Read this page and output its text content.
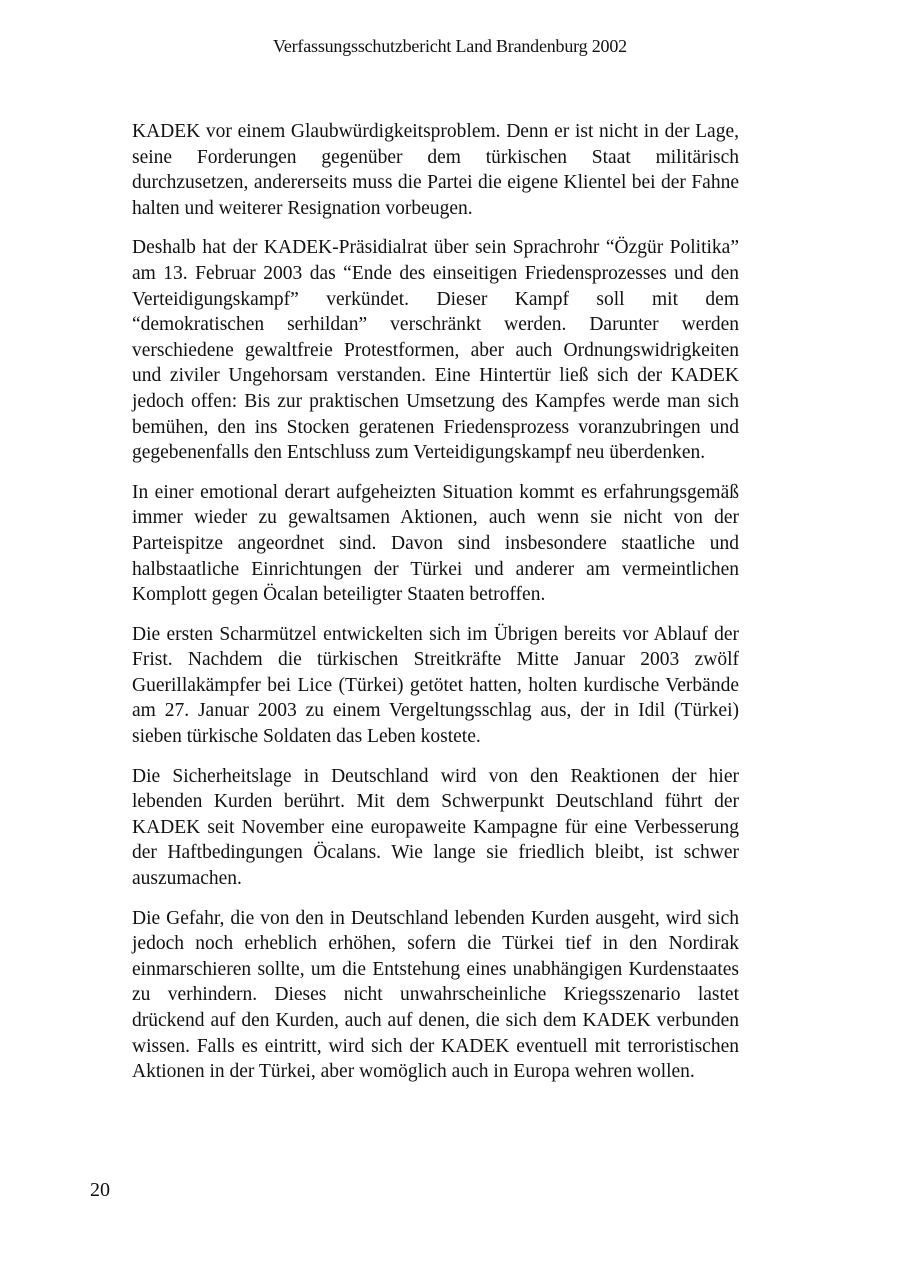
Verfassungsschutzbericht Land Brandenburg 2002

KADEK vor einem Glaubwürdigkeitsproblem. Denn er ist nicht in der Lage, seine Forderungen gegenüber dem türkischen Staat militärisch durchzusetzen, andererseits muss die Partei die eigene Klientel bei der Fahne halten und weiterer Resignation vorbeugen.

Deshalb hat der KADEK-Präsidialrat über sein Sprachrohr “Özgür Politika” am 13. Februar 2003 das “Ende des einseitigen Friedensprozesses und den Verteidigungskampf” verkündet. Dieser Kampf soll mit dem “demokratischen serhildan” verschränkt werden. Darunter werden verschiedene gewaltfreie Protestformen, aber auch Ordnungswidrigkeiten und ziviler Ungehorsam verstanden. Eine Hintertür ließ sich der KADEK jedoch offen: Bis zur praktischen Umsetzung des Kampfes werde man sich bemühen, den ins Stocken geratenen Friedensprozess voranzubringen und gegebenenfalls den Entschluss zum Verteidigungskampf neu überdenken.

In einer emotional derart aufgeheizten Situation kommt es erfahrungsgemäß immer wieder zu gewaltsamen Aktionen, auch wenn sie nicht von der Parteispitze angeordnet sind. Davon sind insbesondere staatliche und halbstaatliche Einrichtungen der Türkei und anderer am vermeintlichen Komplott gegen Öcalan beteiligter Staaten betroffen.

Die ersten Scharmützel entwickelten sich im Übrigen bereits vor Ablauf der Frist. Nachdem die türkischen Streitkräfte Mitte Januar 2003 zwölf Guerillakämpfer bei Lice (Türkei) getötet hatten, holten kurdische Verbände am 27. Januar 2003 zu einem Vergeltungsschlag aus, der in Idil (Türkei) sieben türkische Soldaten das Leben kostete.

Die Sicherheitslage in Deutschland wird von den Reaktionen der hier lebenden Kurden berührt. Mit dem Schwerpunkt Deutschland führt der KADEK seit November eine europaweite Kampagne für eine Verbesserung der Haftbedingungen Öcalans. Wie lange sie friedlich bleibt, ist schwer auszumachen.

Die Gefahr, die von den in Deutschland lebenden Kurden ausgeht, wird sich jedoch noch erheblich erhöhen, sofern die Türkei tief in den Nordirak einmarschieren sollte, um die Entstehung eines unabhängigen Kurdenstaates zu verhindern. Dieses nicht unwahrscheinliche Kriegsszenario lastet drückend auf den Kurden, auch auf denen, die sich dem KADEK verbunden wissen. Falls es eintritt, wird sich der KADEK eventuell mit terroristischen Aktionen in der Türkei, aber womöglich auch in Europa wehren wollen.

20
